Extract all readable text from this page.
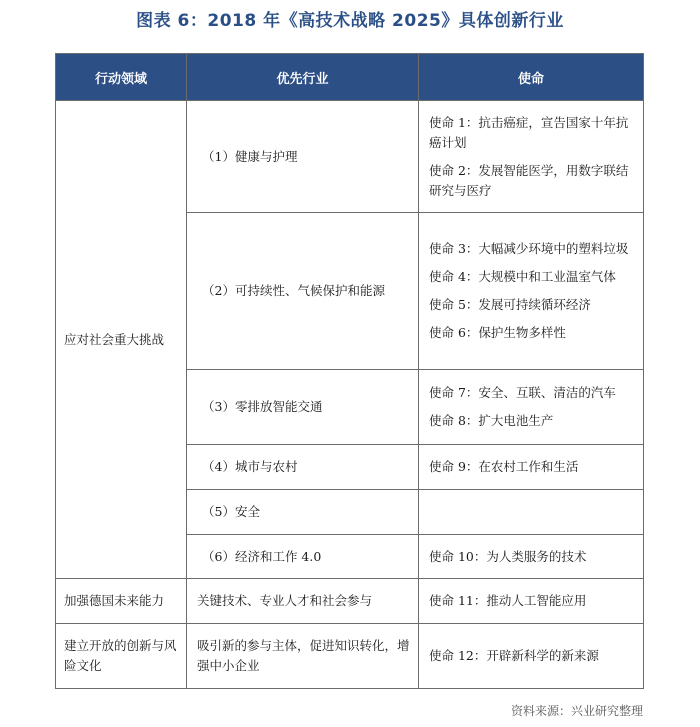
图表 6：2018 年《高技术战略 2025》具体创新行业
行动领域	优先行业	使命
应对社会重大挑战	（1）健康与护理	使命 1：抗击癌症，宣告国家十年抗癌计划

使命 2：发展智能医学，用数字联结研究与医疗

	（2）可持续性、气候保护和能源	使命 3：大幅减少环境中的塑料垃圾

使命 4：大规模中和工业温室气体

使命 5：发展可持续循环经济

使命 6：保护生物多样性

	（3）零排放智能交通	使命 7：安全、互联、清洁的汽车

使命 8：扩大电池生产

	（4）城市与农村	使命 9：在农村工作和生活

	（5）安全	
	（6）经济和工作 4.0	使命 10：为人类服务的技术

加强德国未来能力	关键技术、专业人才和社会参与	使命 11：推动人工智能应用

建立开放的创新与风险文化	吸引新的参与主体，促进知识转化，增强中小企业	使命 12：开辟新科学的新来源

资料来源：兴业研究整理
